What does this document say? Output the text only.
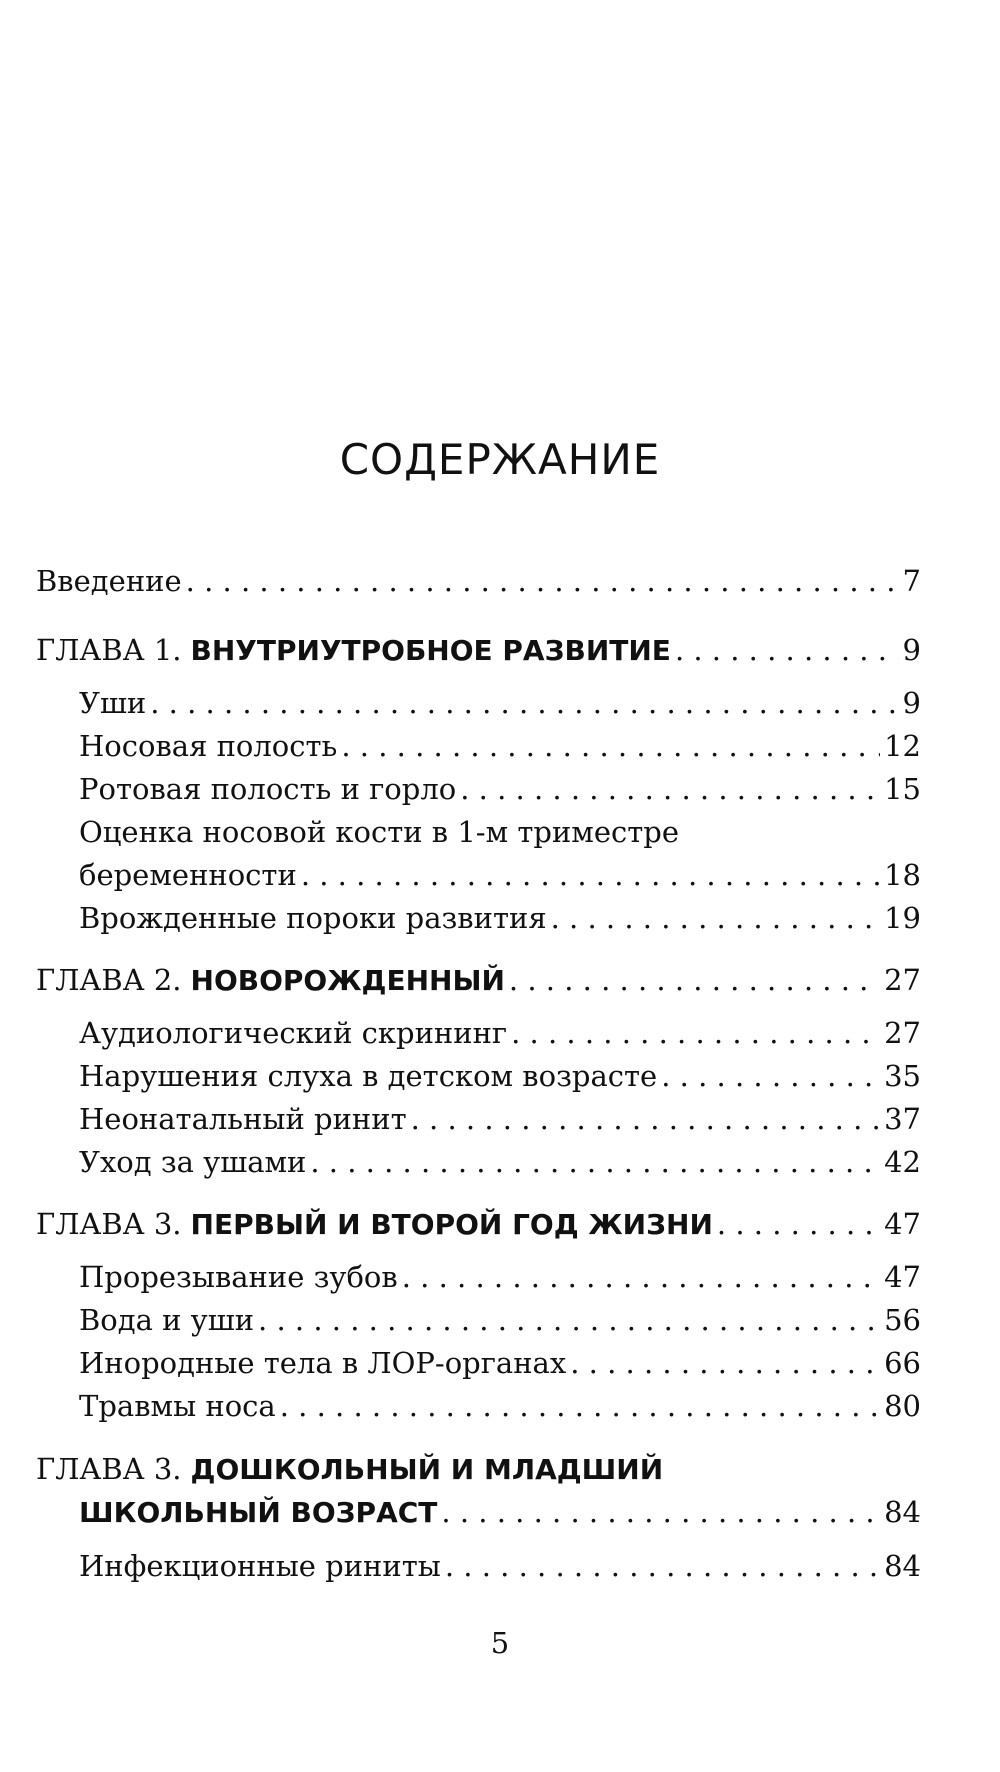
СОДЕРЖАНИЕ
Введение . . .	7
ГЛАВА 1. ВНУТРИУТРОБНОЕ РАЗВИТИЕ . . .	9
Уши . . .	9
Носовая полость . . .	12
Ротовая полость и горло . . .	15
Оценка носовой кости в 1-м триместре
беременности . . .	18
Врожденные пороки развития . . .	19
ГЛАВА 2. НОВОРОЖДЕННЫЙ . . .	27
Аудиологический скрининг . . .	27
Нарушения слуха в детском возрасте . . .	35
Неонатальный ринит . . .	37
Уход за ушами . . .	42
ГЛАВА 3. ПЕРВЫЙ И ВТОРОЙ ГОД ЖИЗНИ . . .	47
Прорезывание зубов . . .	47
Вода и уши . . .	56
Инородные тела в ЛОР-органах . . .	66
Травмы носа . . .	80
ГЛАВА 3. ДОШКОЛЬНЫЙ И МЛАДШИЙ
ШКОЛЬНЫЙ ВОЗРАСТ . . .	84
Инфекционные риниты . . .	84
5
